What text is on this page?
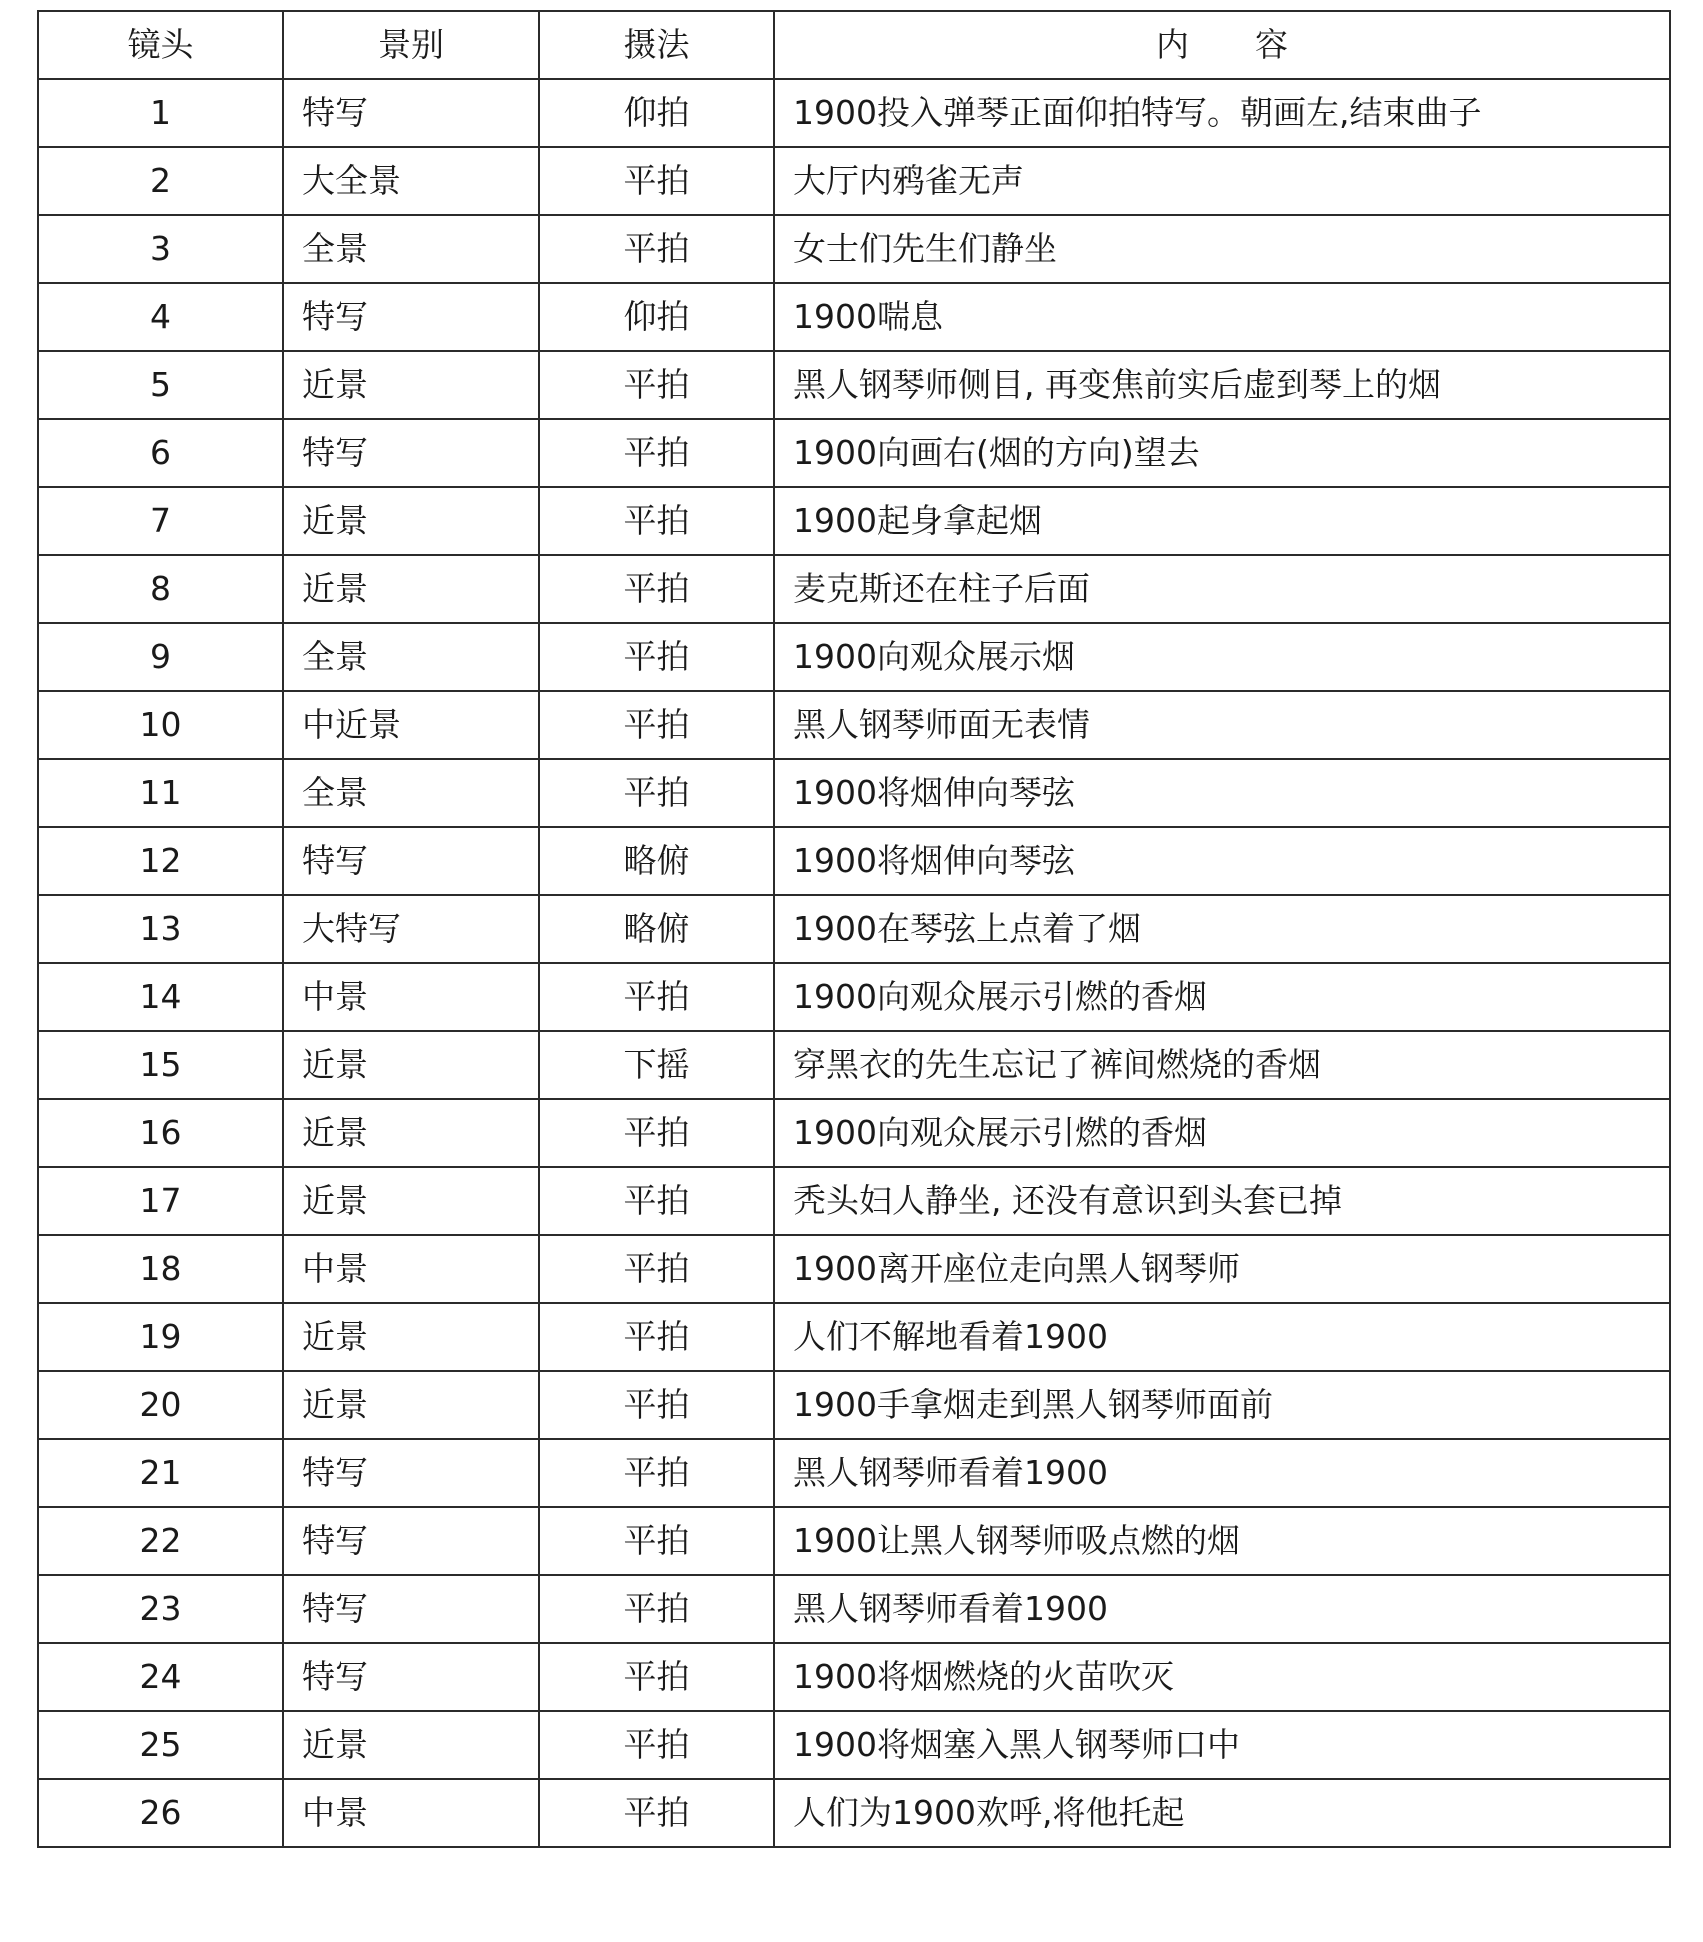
镜头	景别	摄法	内　　容
1	特写	仰拍	1900投入弹琴正面仰拍特写。朝画左,结束曲子
2	大全景	平拍	大厅内鸦雀无声
3	全景	平拍	女士们先生们静坐
4	特写	仰拍	1900喘息
5	近景	平拍	黑人钢琴师侧目, 再变焦前实后虚到琴上的烟
6	特写	平拍	1900向画右(烟的方向)望去
7	近景	平拍	1900起身拿起烟
8	近景	平拍	麦克斯还在柱子后面
9	全景	平拍	1900向观众展示烟
10	中近景	平拍	黑人钢琴师面无表情
11	全景	平拍	1900将烟伸向琴弦
12	特写	略俯	1900将烟伸向琴弦
13	大特写	略俯	1900在琴弦上点着了烟
14	中景	平拍	1900向观众展示引燃的香烟
15	近景	下摇	穿黑衣的先生忘记了裤间燃烧的香烟
16	近景	平拍	1900向观众展示引燃的香烟
17	近景	平拍	秃头妇人静坐, 还没有意识到头套已掉
18	中景	平拍	1900离开座位走向黑人钢琴师
19	近景	平拍	人们不解地看着1900
20	近景	平拍	1900手拿烟走到黑人钢琴师面前
21	特写	平拍	黑人钢琴师看着1900
22	特写	平拍	1900让黑人钢琴师吸点燃的烟
23	特写	平拍	黑人钢琴师看着1900
24	特写	平拍	1900将烟燃烧的火苗吹灭
25	近景	平拍	1900将烟塞入黑人钢琴师口中
26	中景	平拍	人们为1900欢呼,将他托起
